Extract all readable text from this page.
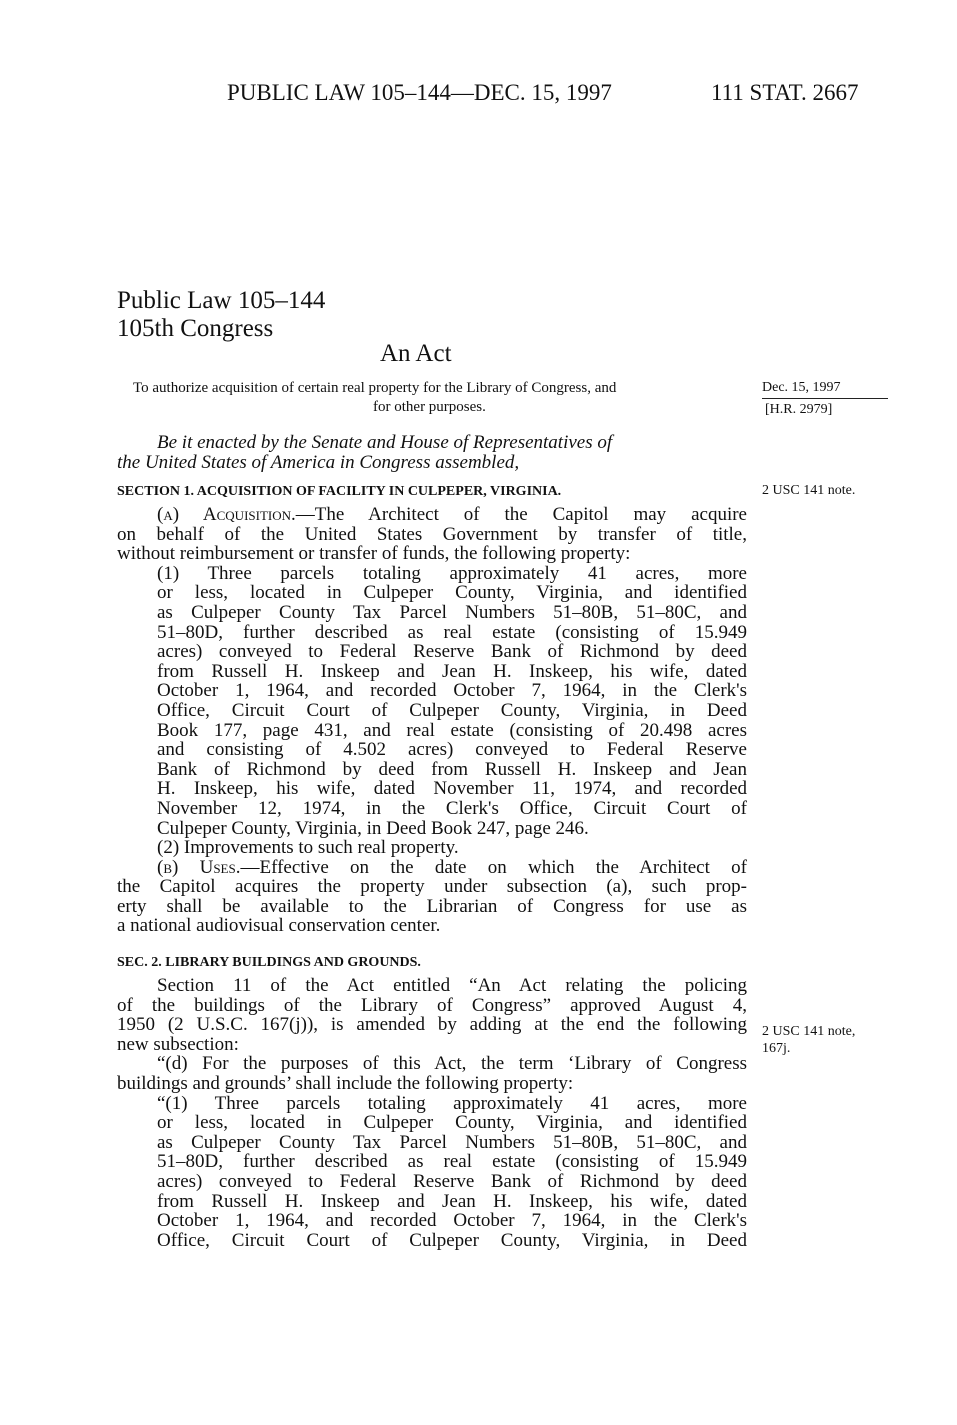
PUBLIC LAW 105–144—DEC. 15, 1997	111 STAT. 2667
Public Law 105–144
105th Congress
An Act
To authorize acquisition of certain real property for the Library of Congress, and
for other purposes.
Dec. 15, 1997
[H.R. 2979]
2 USC 141 note.
2 USC 141 note,
167j.
Be it enacted by the Senate and House of Representatives of
the United States of America in Congress assembled,
SECTION 1. ACQUISITION OF FACILITY IN CULPEPER, VIRGINIA.
(a) Acquisition.—The Architect of the Capitol may acquire
on behalf of the United States Government by transfer of title,
without reimbursement or transfer of funds, the following property:
(1) Three parcels totaling approximately 41 acres, more
or less, located in Culpeper County, Virginia, and identified
as Culpeper County Tax Parcel Numbers 51–80B, 51–80C, and
51–80D, further described as real estate (consisting of 15.949
acres) conveyed to Federal Reserve Bank of Richmond by deed
from Russell H. Inskeep and Jean H. Inskeep, his wife, dated
October 1, 1964, and recorded October 7, 1964, in the Clerk's
Office, Circuit Court of Culpeper County, Virginia, in Deed
Book 177, page 431, and real estate (consisting of 20.498 acres
and consisting of 4.502 acres) conveyed to Federal Reserve
Bank of Richmond by deed from Russell H. Inskeep and Jean
H. Inskeep, his wife, dated November 11, 1974, and recorded
November 12, 1974, in the Clerk's Office, Circuit Court of
Culpeper County, Virginia, in Deed Book 247, page 246.
(2) Improvements to such real property.
(b) Uses.—Effective on the date on which the Architect of
the Capitol acquires the property under subsection (a), such prop-
erty shall be available to the Librarian of Congress for use as
a national audiovisual conservation center.
SEC. 2. LIBRARY BUILDINGS AND GROUNDS.
Section 11 of the Act entitled “An Act relating the policing
of the buildings of the Library of Congress” approved August 4,
1950 (2 U.S.C. 167(j)), is amended by adding at the end the following
new subsection:
“(d) For the purposes of this Act, the term ‘Library of Congress
buildings and grounds’ shall include the following property:
“(1) Three parcels totaling approximately 41 acres, more
or less, located in Culpeper County, Virginia, and identified
as Culpeper County Tax Parcel Numbers 51–80B, 51–80C, and
51–80D, further described as real estate (consisting of 15.949
acres) conveyed to Federal Reserve Bank of Richmond by deed
from Russell H. Inskeep and Jean H. Inskeep, his wife, dated
October 1, 1964, and recorded October 7, 1964, in the Clerk's
Office, Circuit Court of Culpeper County, Virginia, in Deed
